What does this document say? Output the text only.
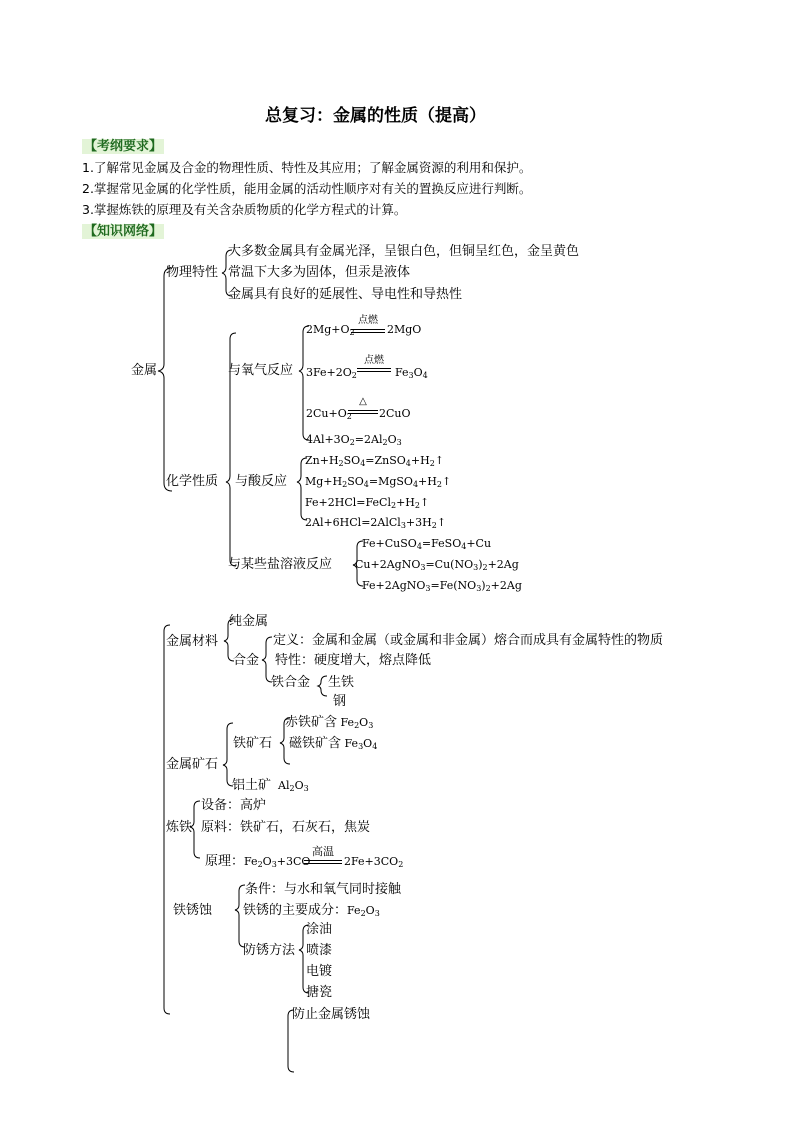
总复习：金属的性质（提高）
【考纲要求】
1.了解常见金属及合金的物理性质、特性及其应用；了解金属资源的利用和保护。
2.掌握常见金属的化学性质，能用金属的活动性顺序对有关的置换反应进行判断。
3.掌握炼铁的原理及有关含杂质物质的化学方程式的计算。
【知识网络】
金属
物理特性
大多数金属具有金属光泽，呈银白色，但铜呈红色，金呈黄色
常温下大多为固体，但汞是液体
金属具有良好的延展性、导电性和导热性
化学性质
与氧气反应
$2Mg+O_2$
点燃
2MgO
$3Fe+2O_2$
点燃
$Fe_3O_4$
$2Cu+O_2$
△
2CuO
$4Al+3O_2=2Al_2O_3$
与酸反应
$Zn+H_2SO_4=ZnSO_4+H_2↑$
$Mg+H_2SO_4=MgSO_4+H_2↑$
$Fe+2HCl=FeCl_2+H_2↑$
$2Al+6HCl=2AlCl_3+3H_2↑$
与某些盐溶液反应
Fe+CuSO$_4$=FeSO$_4$+Cu
$Cu+2AgNO_3=Cu(NO_3)_2+2Ag$
$Fe+2AgNO_3=Fe(NO_3)_2+2Ag$
金属材料
纯金属
合金
定义：金属和金属（或金属和非金属）熔合而成具有金属特性的物质
特性：硬度增大，熔点降低
铁合金 生铁
钢
金属矿石
铁矿石
赤铁矿含 $Fe_2O_3$
磁铁矿含 $Fe_3O_4$
铝土矿  $Al_2O_3$
炼铁
设备：高炉
原料：铁矿石，石灰石，焦炭
原理：$Fe_2O_3+3CO$
高温
$2Fe+3CO_2$
铁锈蚀
条件：与水和氧气同时接触
铁锈的主要成分：$Fe_2O_3$
防锈方法
涂油
喷漆
电镀
搪瓷
防止金属锈蚀
